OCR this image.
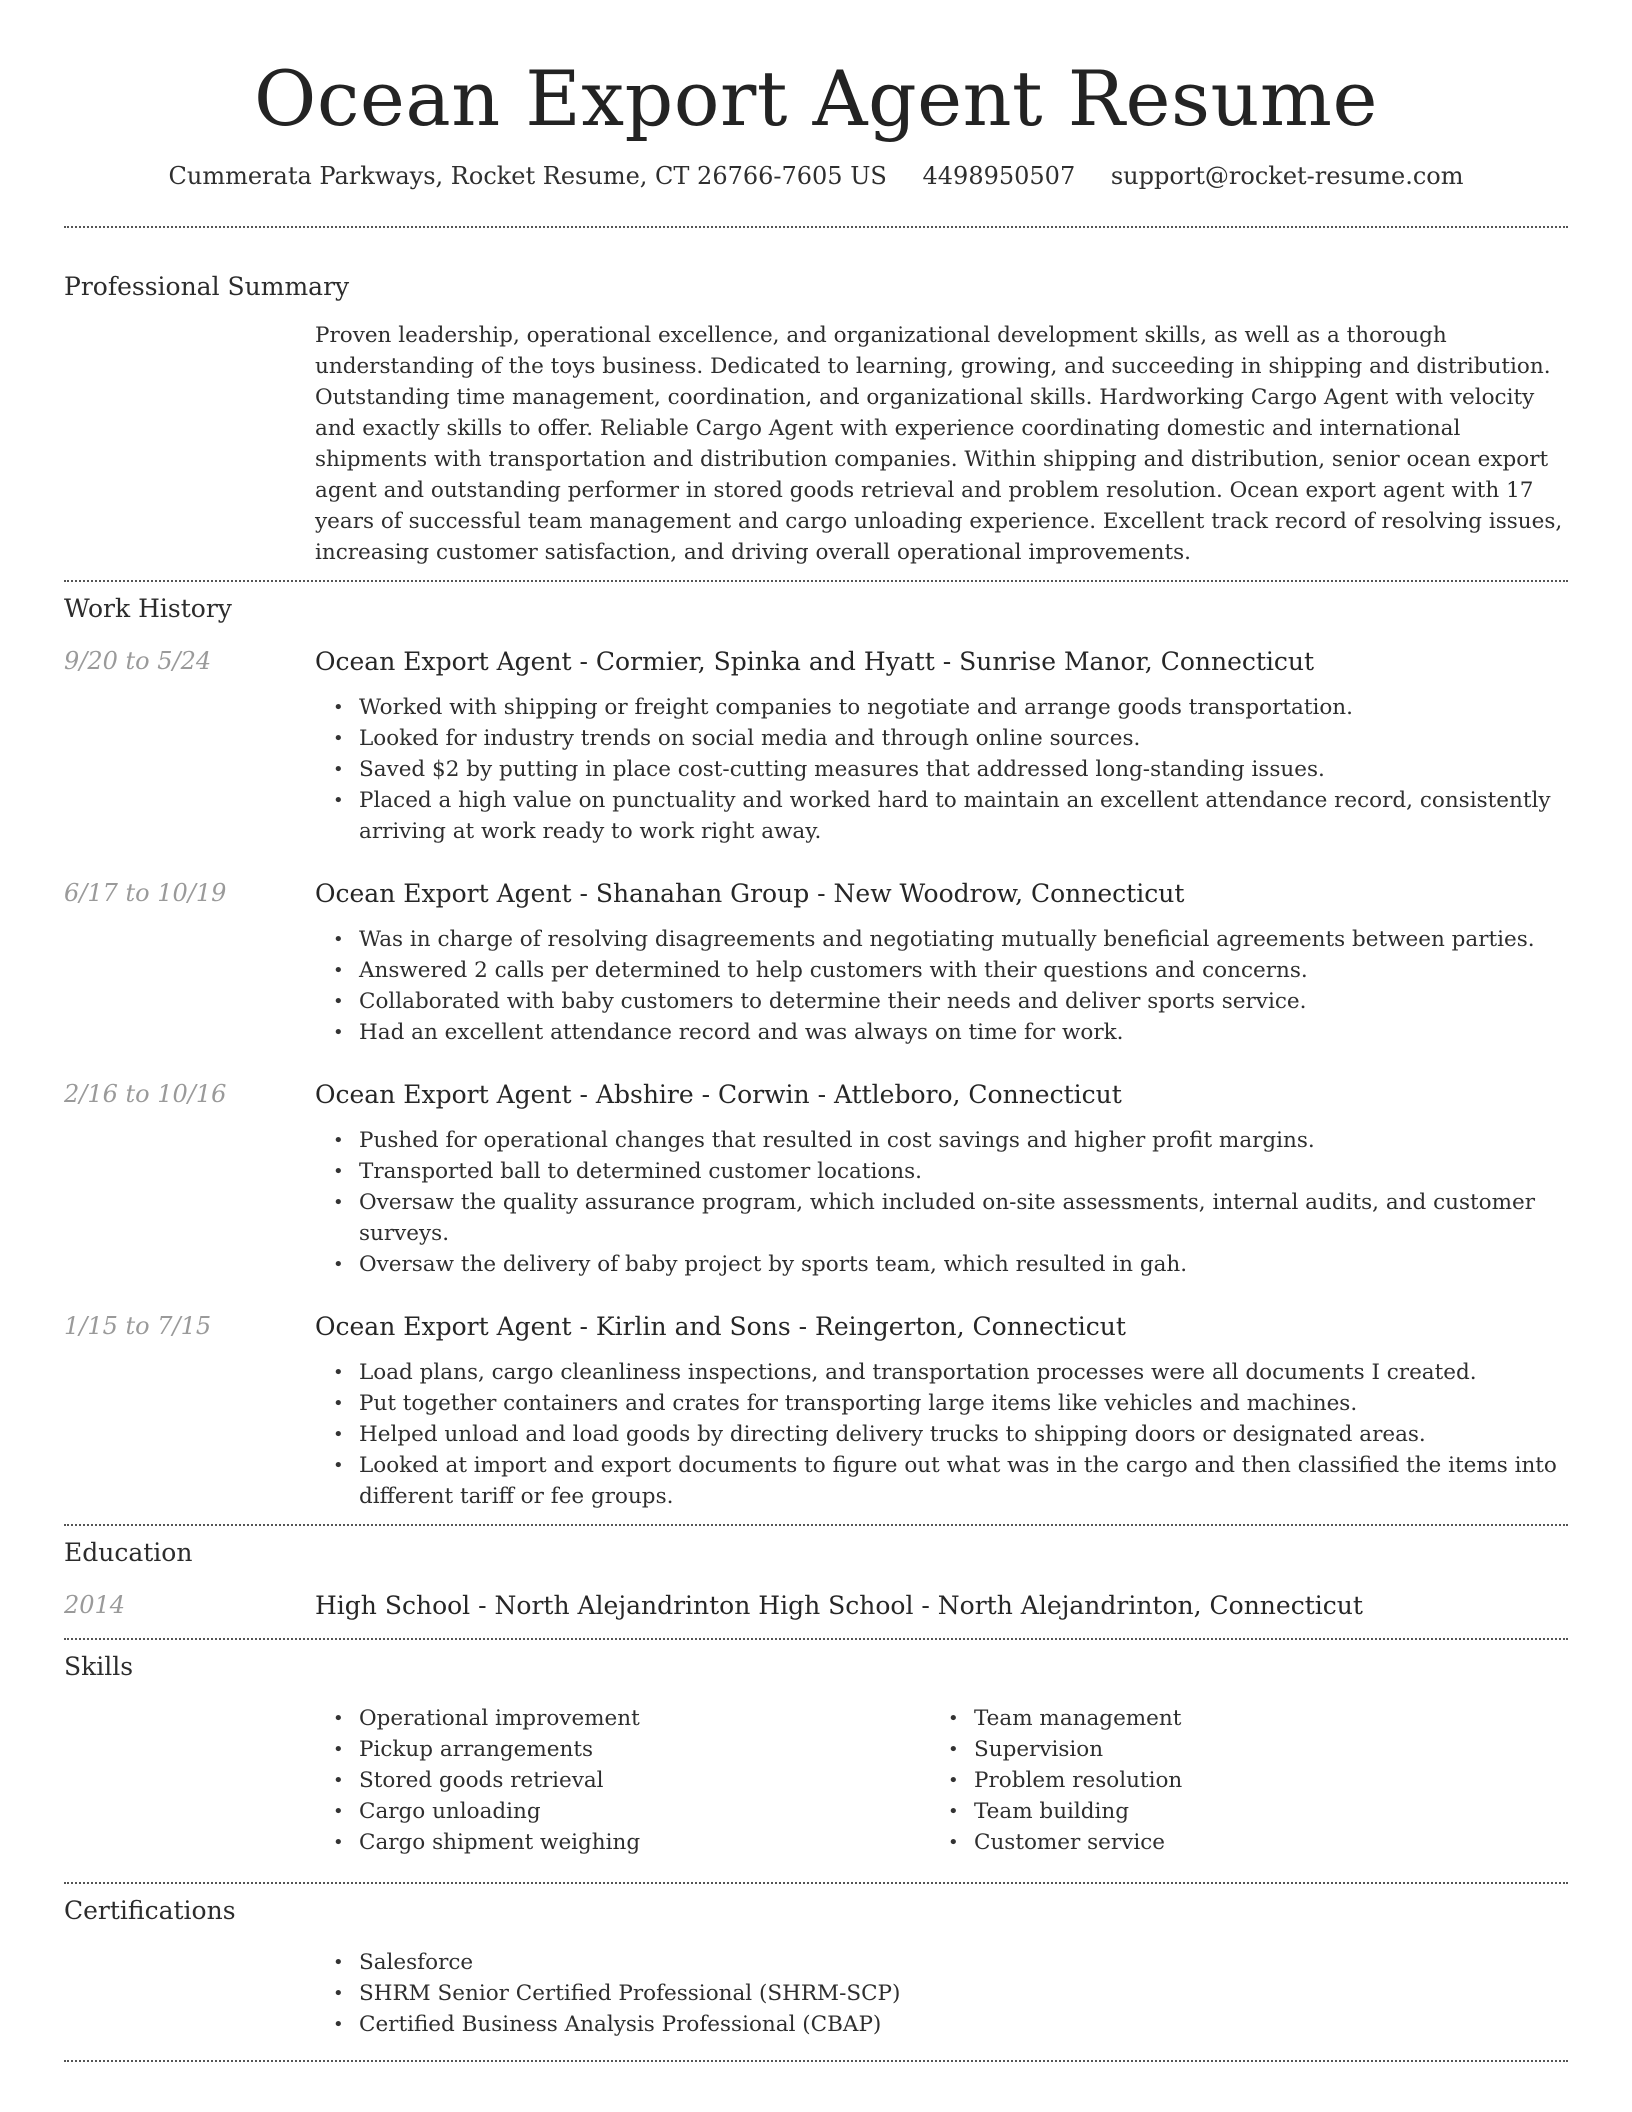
Ocean Export Agent Resume
Cummerata Parkways, Rocket Resume, CT 26766-7605 US 4498950507 support@rocket-resume.com
Professional Summary
Proven leadership, operational excellence, and organizational development skills, as well as a thorough understanding of the toys business. Dedicated to learning, growing, and succeeding in shipping and distribution. Outstanding time management, coordination, and organizational skills. Hardworking Cargo Agent with velocity and exactly skills to offer. Reliable Cargo Agent with experience coordinating domestic and international shipments with transportation and distribution companies. Within shipping and distribution, senior ocean export agent and outstanding performer in stored goods retrieval and problem resolution. Ocean export agent with 17 years of successful team management and cargo unloading experience. Excellent track record of resolving issues, increasing customer satisfaction, and driving overall operational improvements.
Work History
9/20 to 5/24	Ocean Export Agent - Cormier, Spinka and Hyatt - Sunrise Manor, Connecticut
• Worked with shipping or freight companies to negotiate and arrange goods transportation.
• Looked for industry trends on social media and through online sources.
• Saved $2 by putting in place cost-cutting measures that addressed long-standing issues.
• Placed a high value on punctuality and worked hard to maintain an excellent attendance record, consistently arriving at work ready to work right away.
6/17 to 10/19	Ocean Export Agent - Shanahan Group - New Woodrow, Connecticut
• Was in charge of resolving disagreements and negotiating mutually beneficial agreements between parties.
• Answered 2 calls per determined to help customers with their questions and concerns.
• Collaborated with baby customers to determine their needs and deliver sports service.
• Had an excellent attendance record and was always on time for work.
2/16 to 10/16	Ocean Export Agent - Abshire - Corwin - Attleboro, Connecticut
• Pushed for operational changes that resulted in cost savings and higher profit margins.
• Transported ball to determined customer locations.
• Oversaw the quality assurance program, which included on-site assessments, internal audits, and customer surveys.
• Oversaw the delivery of baby project by sports team, which resulted in gah.
1/15 to 7/15	Ocean Export Agent - Kirlin and Sons - Reingerton, Connecticut
• Load plans, cargo cleanliness inspections, and transportation processes were all documents I created.
• Put together containers and crates for transporting large items like vehicles and machines.
• Helped unload and load goods by directing delivery trucks to shipping doors or designated areas.
• Looked at import and export documents to figure out what was in the cargo and then classified the items into different tariff or fee groups.
Education
2014	High School - North Alejandrinton High School - North Alejandrinton, Connecticut
Skills
• Operational improvement
• Pickup arrangements
• Stored goods retrieval
• Cargo unloading
• Cargo shipment weighing
• Team management
• Supervision
• Problem resolution
• Team building
• Customer service
Certifications
• Salesforce
• SHRM Senior Certified Professional (SHRM-SCP)
• Certified Business Analysis Professional (CBAP)
